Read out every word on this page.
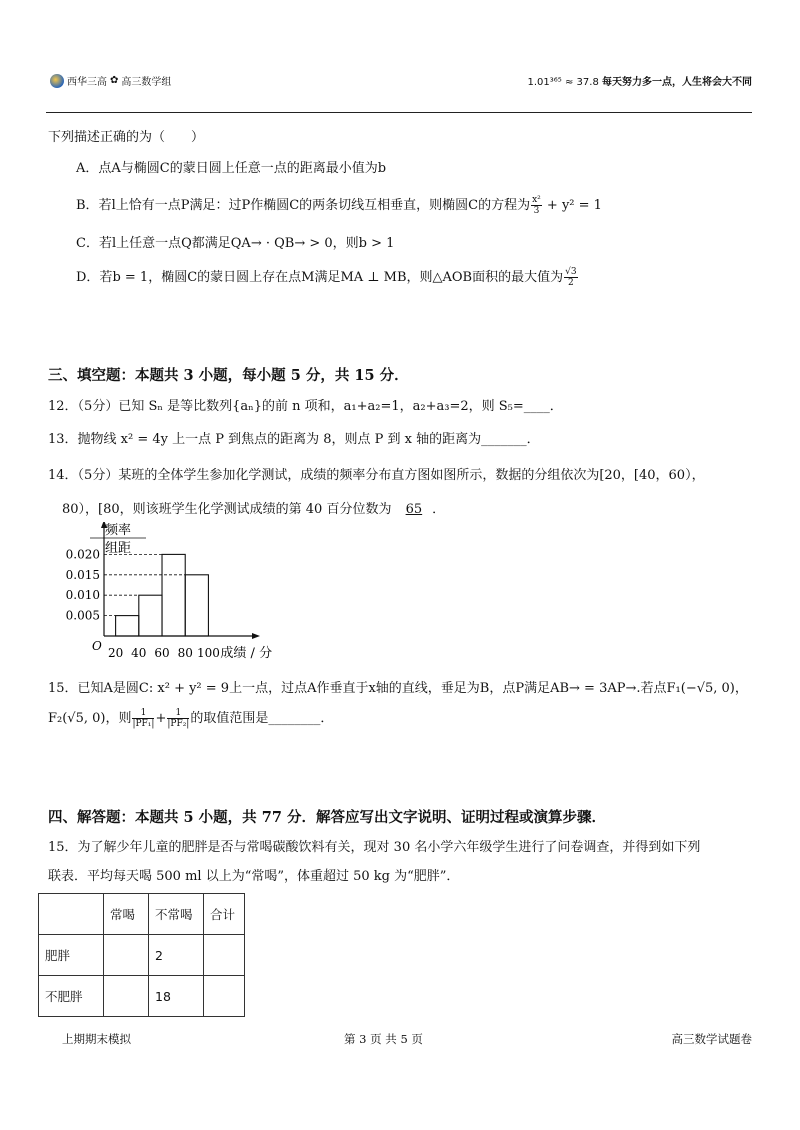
西华三高 ✿ 高三数学组	1.01³⁶⁵ ≈ 37.8 每天努力多一点，人生将会大不同
下列描述正确的为（　　）
A．点A与椭圆C的蒙日圆上任意一点的距离最小值为b
B．若l上恰有一点P满足：过P作椭圆C的两条切线互相垂直，则椭圆C的方程为 $\frac{\text{x²}}{3} + y^2 = 1$
C．若l上任意一点Q都满足QA→ · QB→ > 0，则b > 1
D．若b = 1，椭圆C的蒙日圆上存在点M满足MA ⊥ MB，则△AOB面积的最大值为 $\frac{√3}{2}$
三、填空题：本题共 3 小题，每小题 5 分，共 15 分．
12．（5分）已知 Sₙ 是等比数列{aₙ}的前 n 项和，a₁+a₂=1，a₂+a₃=2，则 S₅=____．
13．抛物线 x² = 4y 上一点 P 到焦点的距离为 8，则点 P 到 x 轴的距离为_______．
14．（5分）某班的全体学生参加化学测试，成绩的频率分布直方图如图所示，数据的分组依次为[20，[40，60），
80），[80，则该班学生化学测试成绩的第 40 百分位数为 65 ．
频率
组距
0.020
0.015
0.010
0.005
20 40 60 80 100
O	成绩 / 分
15．已知A是圆C: x² + y² = 9上一点，过点A作垂直于x轴的直线，垂足为B，点P满足AB→ = 3AP→.若点F₁(−√5, 0)，
F₂(√5, 0)，则 $\frac{1}{\text{|PF₁|}} + \frac{1}{\text{|PF₂|}}$ 的取值范围是________．
四、解答题：本题共 5 小题，共 77 分．解答应写出文字说明、证明过程或演算步骤．
15．为了解少年儿童的肥胖是否与常喝碳酸饮料有关，现对 30 名小学六年级学生进行了问卷调查，并得到如下列
联表．平均每天喝 500 ml 以上为“常喝”，体重超过 50 kg 为“肥胖”．
	常喝	不常喝	合计
肥胖		2	
不肥胖		18	
上期期末模拟	第 3 页 共 5 页	高三数学试题卷
